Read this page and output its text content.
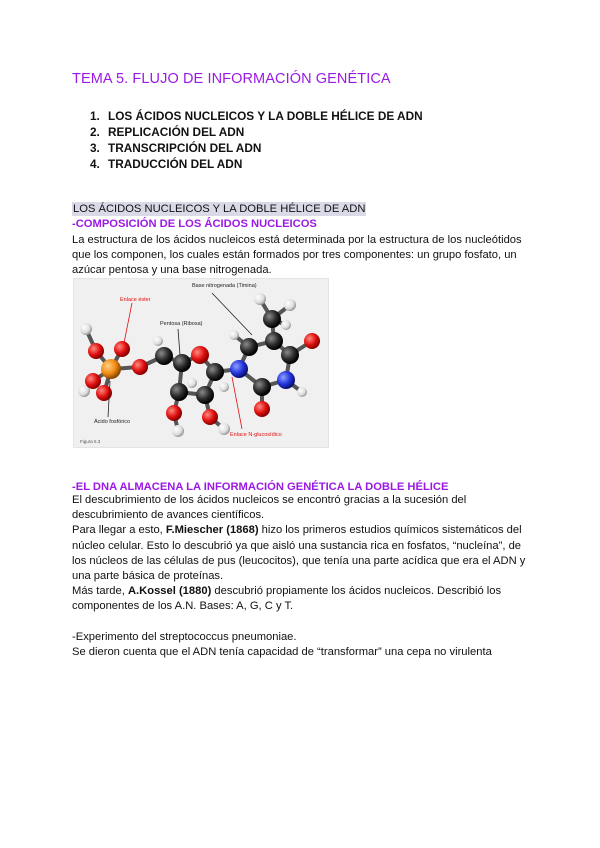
TEMA 5. FLUJO DE INFORMACIÓN GENÉTICA
1. LOS ÁCIDOS NUCLEICOS Y LA DOBLE HÉLICE DE ADN
2. REPLICACIÓN DEL ADN
3. TRANSCRIPCIÓN DEL ADN
4. TRADUCCIÓN DEL ADN
LOS ÁCIDOS NUCLEICOS Y LA DOBLE HÉLICE DE ADN
-COMPOSICIÓN DE LOS ÁCIDOS NUCLEICOS

La estructura de los ácidos nucleicos está determinada por la estructura de los nucleótidos que los componen, los cuales están formados por tres componentes: un grupo fosfato, un azúcar pentosa y una base nitrogenada.

Enlace éster
Base nitrogenada (Timina)
Pentosa (Ribosa)
Ácido fosfórico
Enlace N-glucosídico
Figura 5.3
-EL DNA ALMACENA LA INFORMACIÓN GENÉTICA LA DOBLE HÉLICE

El descubrimiento de los ácidos nucleicos se encontró gracias a la sucesión del descubrimiento de avances científicos.

Para llegar a esto, F.Miescher (1868) hizo los primeros estudios químicos sistemáticos del núcleo celular. Esto lo descubrió ya que aisló una sustancia rica en fosfatos, “nucleína”, de los núcleos de las células de pus (leucocitos), que tenía una parte acídica que era el ADN y una parte básica de proteínas.

Más tarde, A.Kossel (1880) descubrió propiamente los ácidos nucleicos. Describió los componentes de los A.N. Bases: A, G, C y T.

-Experimento del streptococcus pneumoniae.

Se dieron cuenta que el ADN tenía capacidad de “transformar” una cepa no virulenta
